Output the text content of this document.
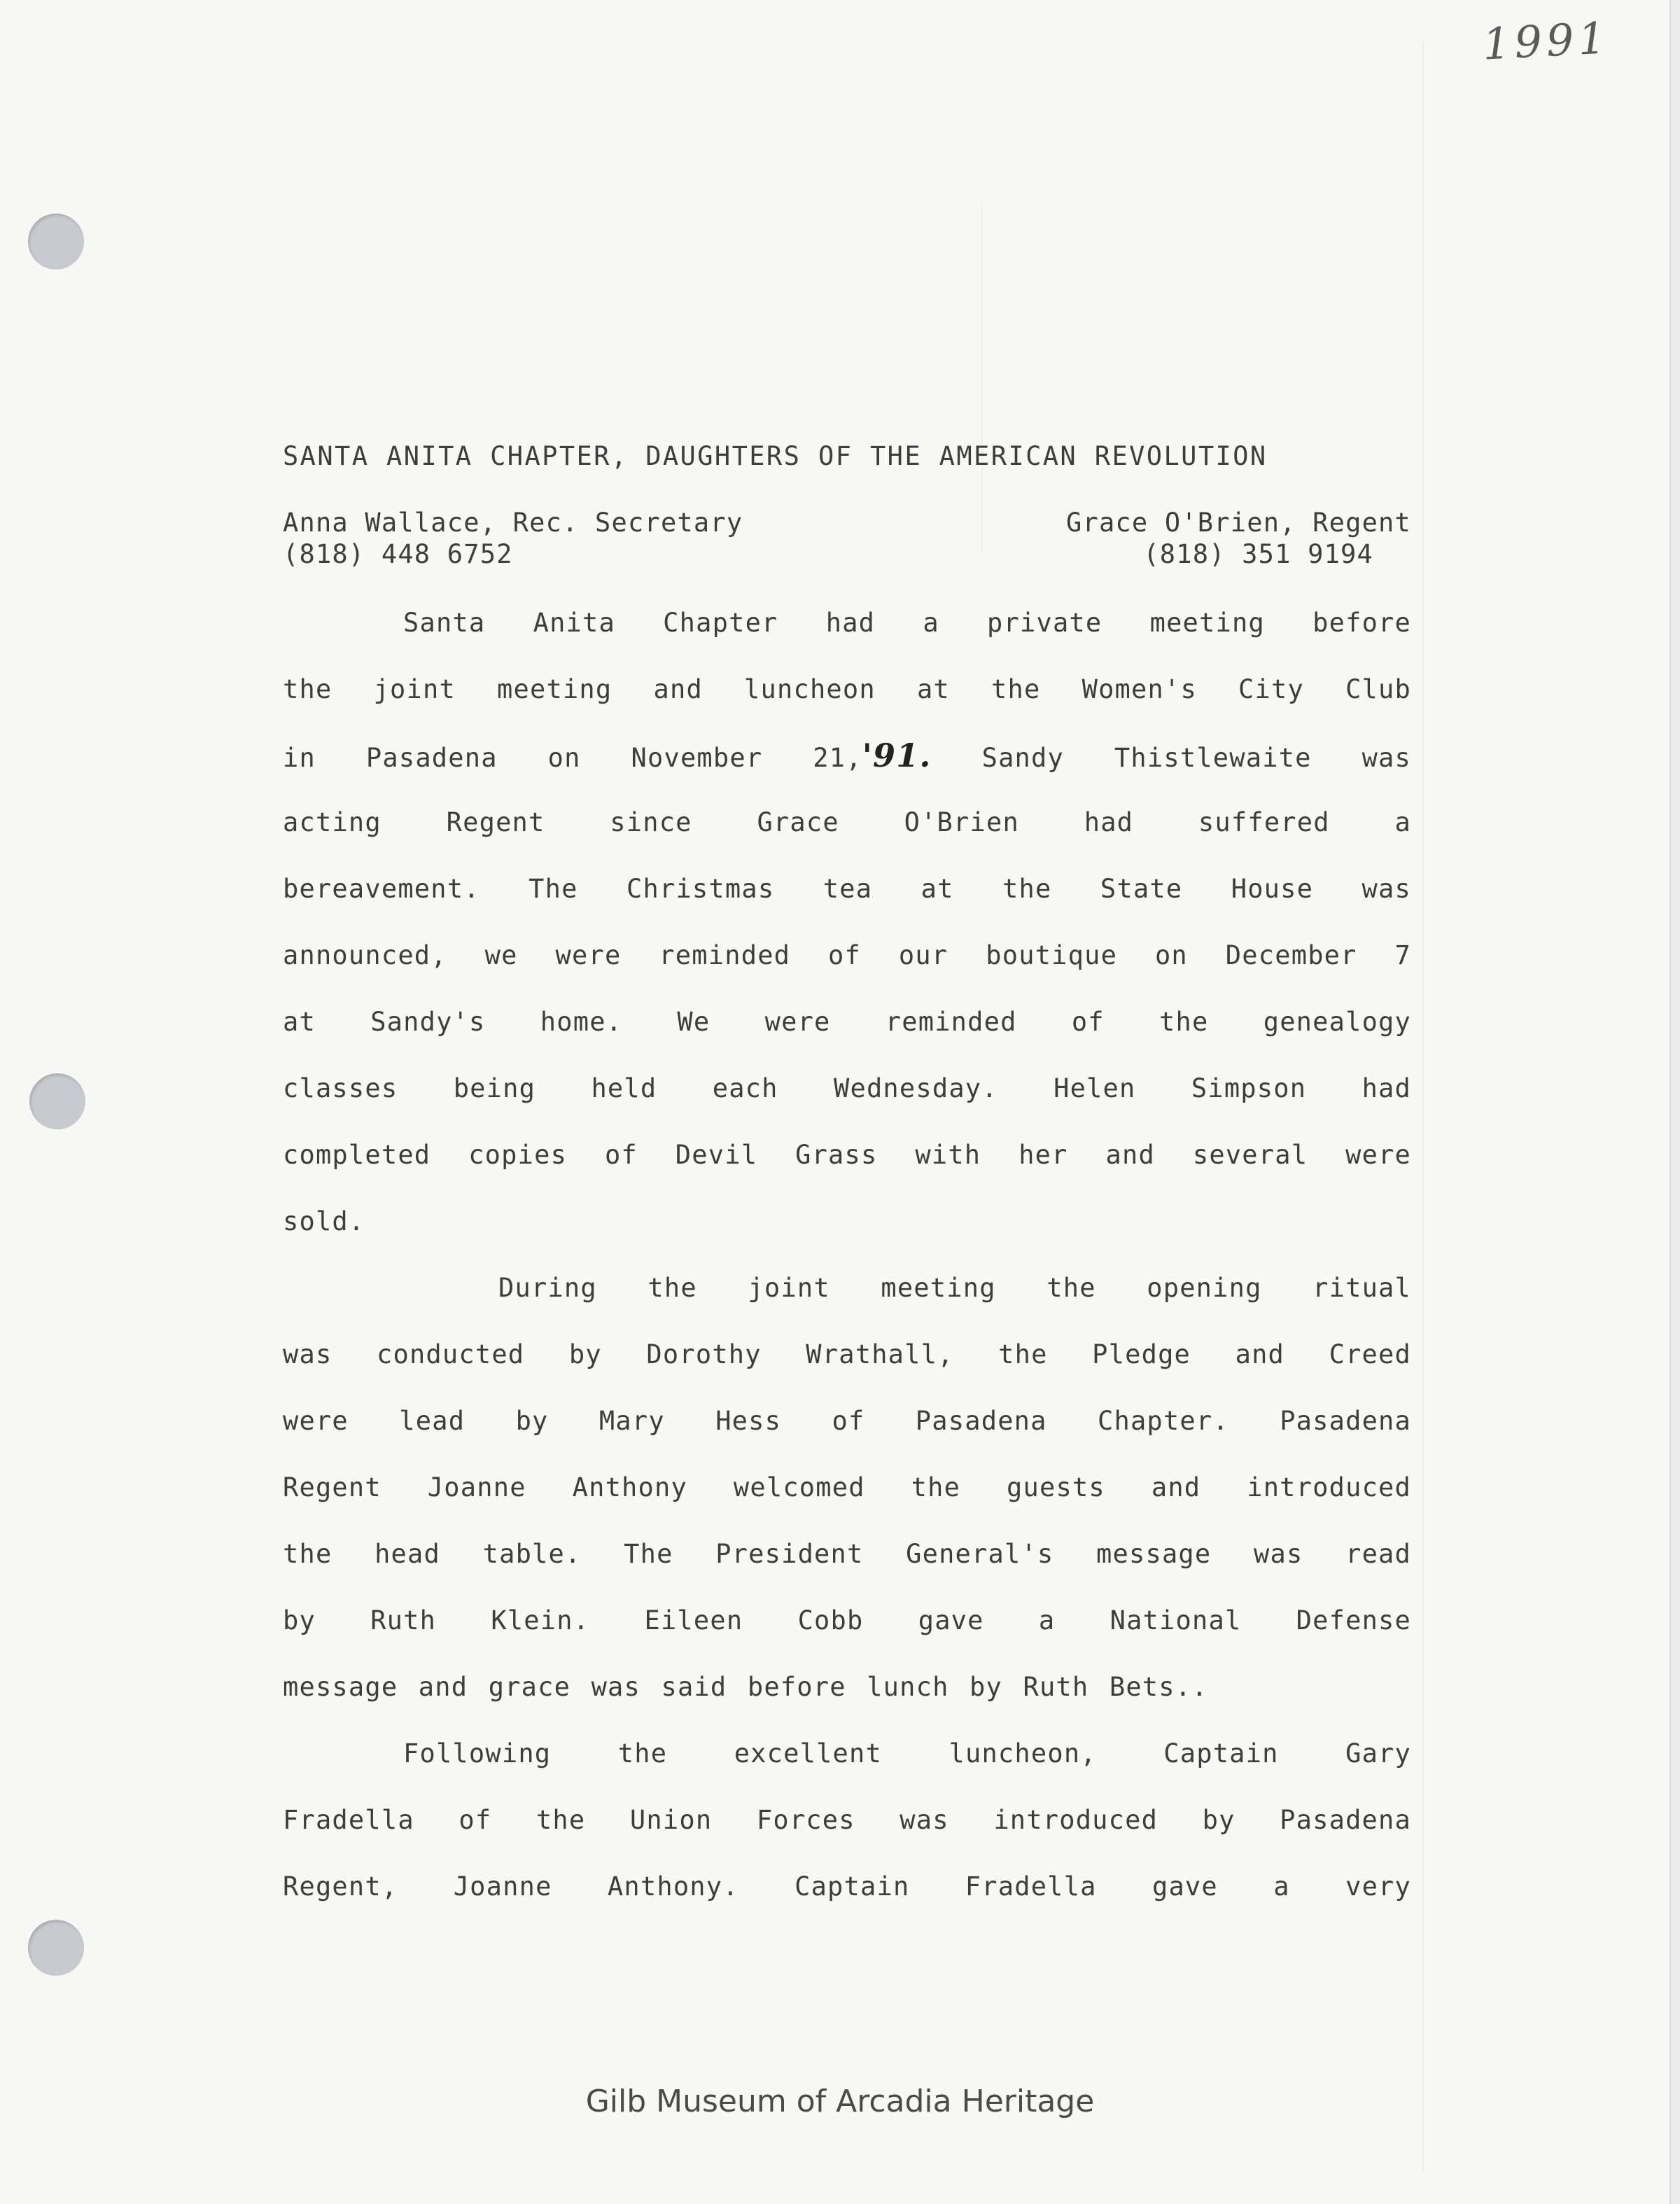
1991
SANTA ANITA CHAPTER, DAUGHTERS OF THE AMERICAN REVOLUTION
Anna Wallace, Rec. Secretary
(818) 448 6752
Grace O'Brien, Regent
(818) 351 9194
Santa Anita Chapter had a private meeting before
the joint meeting and luncheon at the Women's City Club
in Pasadena on November 21,'91. Sandy Thistlewaite was
acting Regent since Grace O'Brien had suffered a
bereavement. The Christmas tea at the State House was
announced, we were reminded of our boutique on December 7
at Sandy's home. We were reminded of the genealogy
classes being held each Wednesday. Helen Simpson had
completed copies of Devil Grass with her and several were
sold.
During the joint meeting the opening ritual
was conducted by Dorothy Wrathall, the Pledge and Creed
were lead by Mary Hess of Pasadena Chapter. Pasadena
Regent Joanne Anthony welcomed the guests and introduced
the head table. The President General's message was read
by Ruth Klein. Eileen Cobb gave a National Defense
message and grace was said before lunch by Ruth Bets..
Following the excellent luncheon, Captain Gary
Fradella of the Union Forces was introduced by Pasadena
Regent, Joanne Anthony. Captain Fradella gave a very
Gilb Museum of Arcadia Heritage
